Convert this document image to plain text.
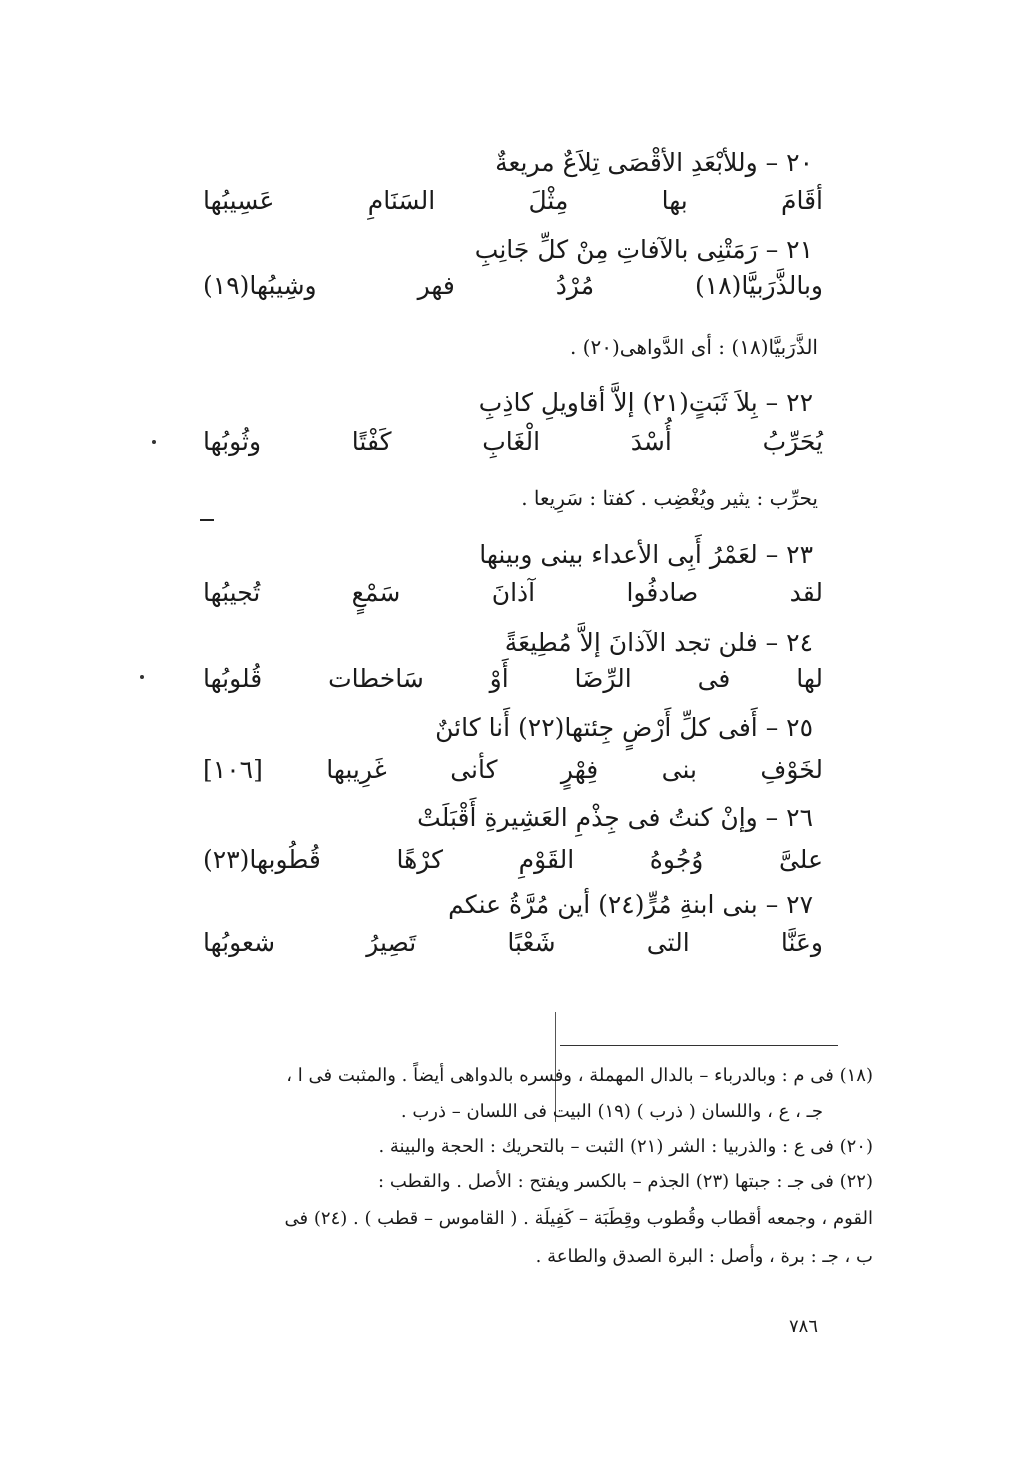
٢٠ – وللأبْعَدِ الأقْصَى تِلاَعٌ مريعةٌ
أقَامَ بها مِثْلَ السَنَامِ عَسِيبُها
٢١ – رَمَتْنِى بالآفاتِ مِنْ كلِّ جَانِبِ
وبالذَّرَبيَّا(١٨) مُرْدُ فهر وشِيبُها(١٩)
الذَّرَبيَّا(١٨) : أى الدَّواهى(٢٠) .
٢٢ – بِلاَ ثَبَتٍ(٢١) إلاَّ أقاويلِ كاذِبِ
يُحَرِّبُ أُسْدَ الْغَابِ كَفْتًا وثُوبُها
يحرِّب : يثير ويُغْضِب . كفتا : سَرِيعا .
٢٣ – لعَمْرُ أَبِى الأعداء بينى وبينها
لقد صادفُوا آذانَ سَمْعٍ تُجيبُها
٢٤ – فلن تجد الآذانَ إلاَّ مُطِيعَةً
لها فى الرِّضَا أَوْ سَاخطات قُلوبُها
٢٥ – أَفى كلِّ أَرْضٍ جِئتها(٢٢) أَنا كائنٌ
لخَوْفِ بنى فِهْرٍ كأنى غَرِيبها [١٠٦]
٢٦ – وإنْ كنتُ فى جِذْمِ العَشِيرةِ أَقْبَلَتْ
علىَّ وُجُوهُ القَوْمِ كرْهًا قُطُوبها(٢٣)
٢٧ – بنى ابنةِ مُرٍّ(٢٤) أين مُرَّةُ عنكم
وعَنَّا التى شَعْبًا تَصِيرُ شعوبُها
(١٨) فى م : وبالدرباء – بالدال المهملة ، وفسره بالدواهى أيضاً . والمثبت فى ا ،
جـ ، ع ، واللسان ( ذرب ) (١٩) البيت فى اللسان – ذرب .
(٢٠) فى ع : والذربيا : الشر (٢١) الثبت – بالتحريك : الحجة والبينة .
(٢٢) فى جـ : جبتها (٢٣) الجذم – بالكسر ويفتح : الأصل . والقطب :
القوم ، وجمعه أقطاب وقُطوب وقِطَبَة – كَفِيلَة . ( القاموس – قطب ) . (٢٤) فى
ب ، جـ : برة ، وأصل : البرة الصدق والطاعة .
٧٨٦
